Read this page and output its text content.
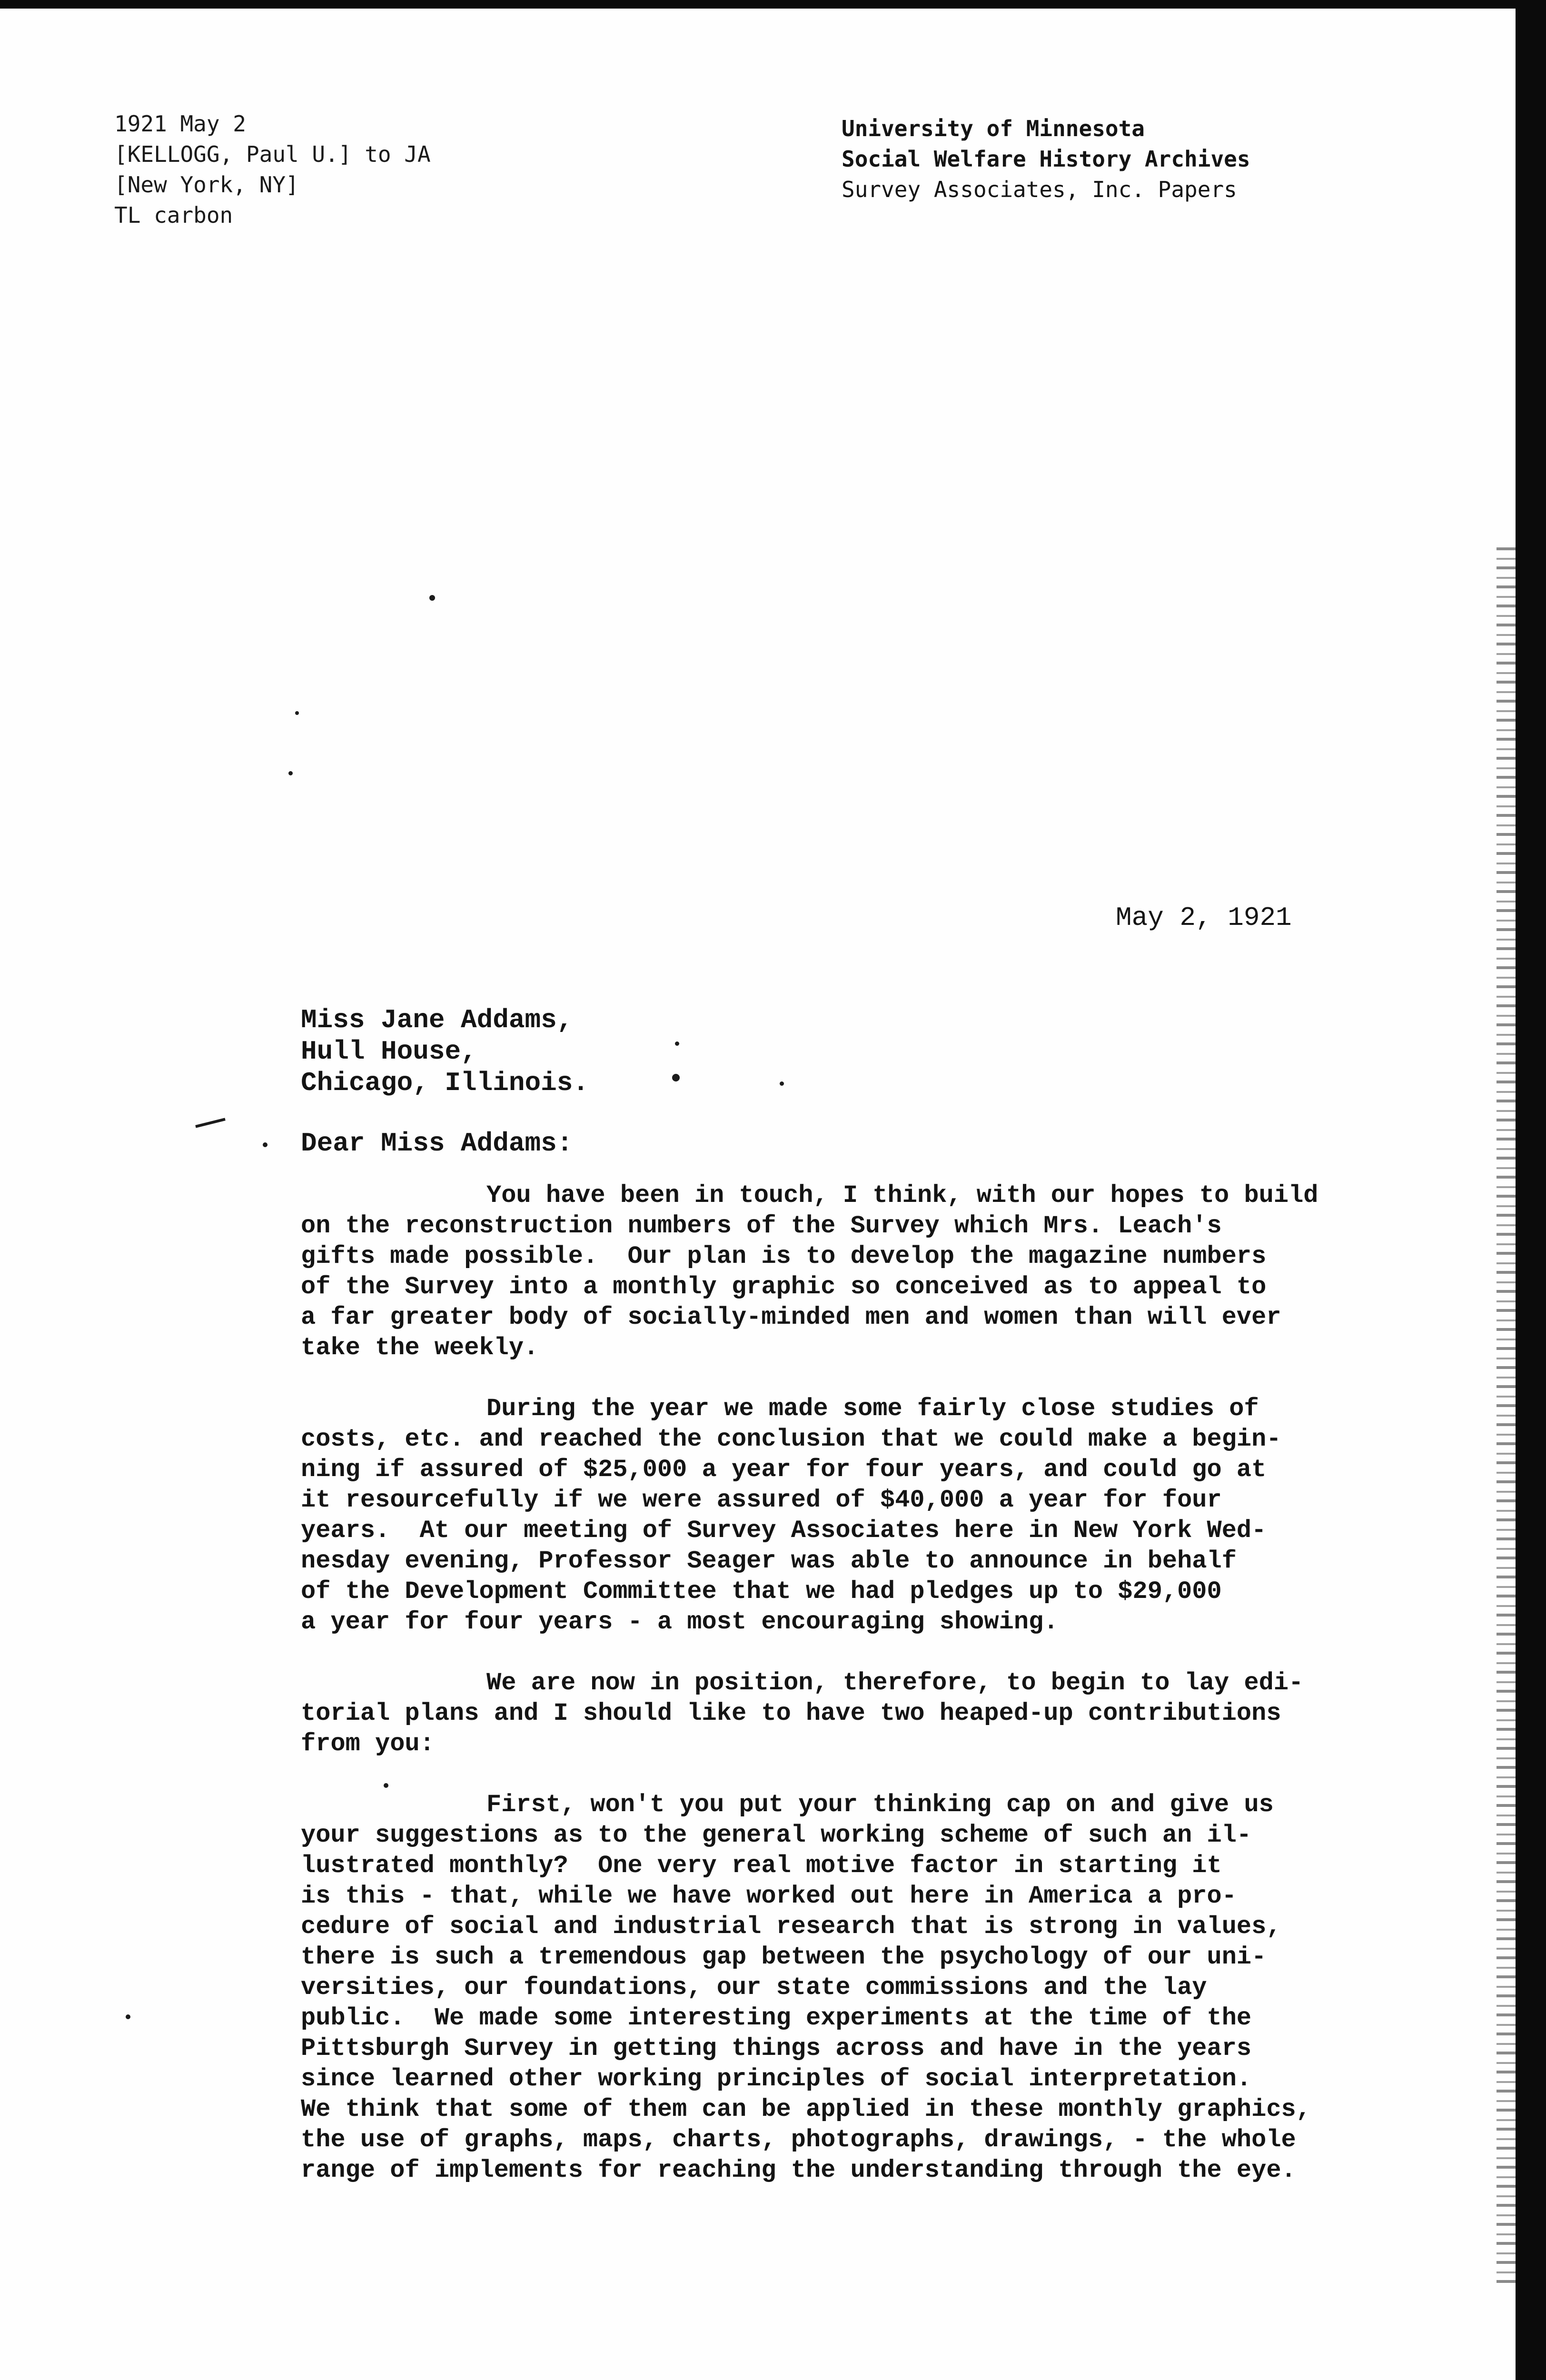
1921 May 2
[KELLOGG, Paul U.] to JA
[New York, NY]
TL carbon
University of Minnesota
Social Welfare History Archives
Survey Associates, Inc. Papers
May 2, 1921
Miss Jane Addams,
Hull House,
Chicago, Illinois.
Dear Miss Addams:
You have been in touch, I think, with our hopes to build
on the reconstruction numbers of the Survey which Mrs. Leach's
gifts made possible.  Our plan is to develop the magazine numbers
of the Survey into a monthly graphic so conceived as to appeal to
a far greater body of socially-minded men and women than will ever
take the weekly.
During the year we made some fairly close studies of
costs, etc. and reached the conclusion that we could make a begin-
ning if assured of $25,000 a year for four years, and could go at
it resourcefully if we were assured of $40,000 a year for four
years.  At our meeting of Survey Associates here in New York Wed-
nesday evening, Professor Seager was able to announce in behalf
of the Development Committee that we had pledges up to $29,000
a year for four years - a most encouraging showing.
We are now in position, therefore, to begin to lay edi-
torial plans and I should like to have two heaped-up contributions
from you:
First, won't you put your thinking cap on and give us
your suggestions as to the general working scheme of such an il-
lustrated monthly?  One very real motive factor in starting it
is this - that, while we have worked out here in America a pro-
cedure of social and industrial research that is strong in values,
there is such a tremendous gap between the psychology of our uni-
versities, our foundations, our state commissions and the lay
public.  We made some interesting experiments at the time of the
Pittsburgh Survey in getting things across and have in the years
since learned other working principles of social interpretation.
We think that some of them can be applied in these monthly graphics,
the use of graphs, maps, charts, photographs, drawings, - the whole
range of implements for reaching the understanding through the eye.
